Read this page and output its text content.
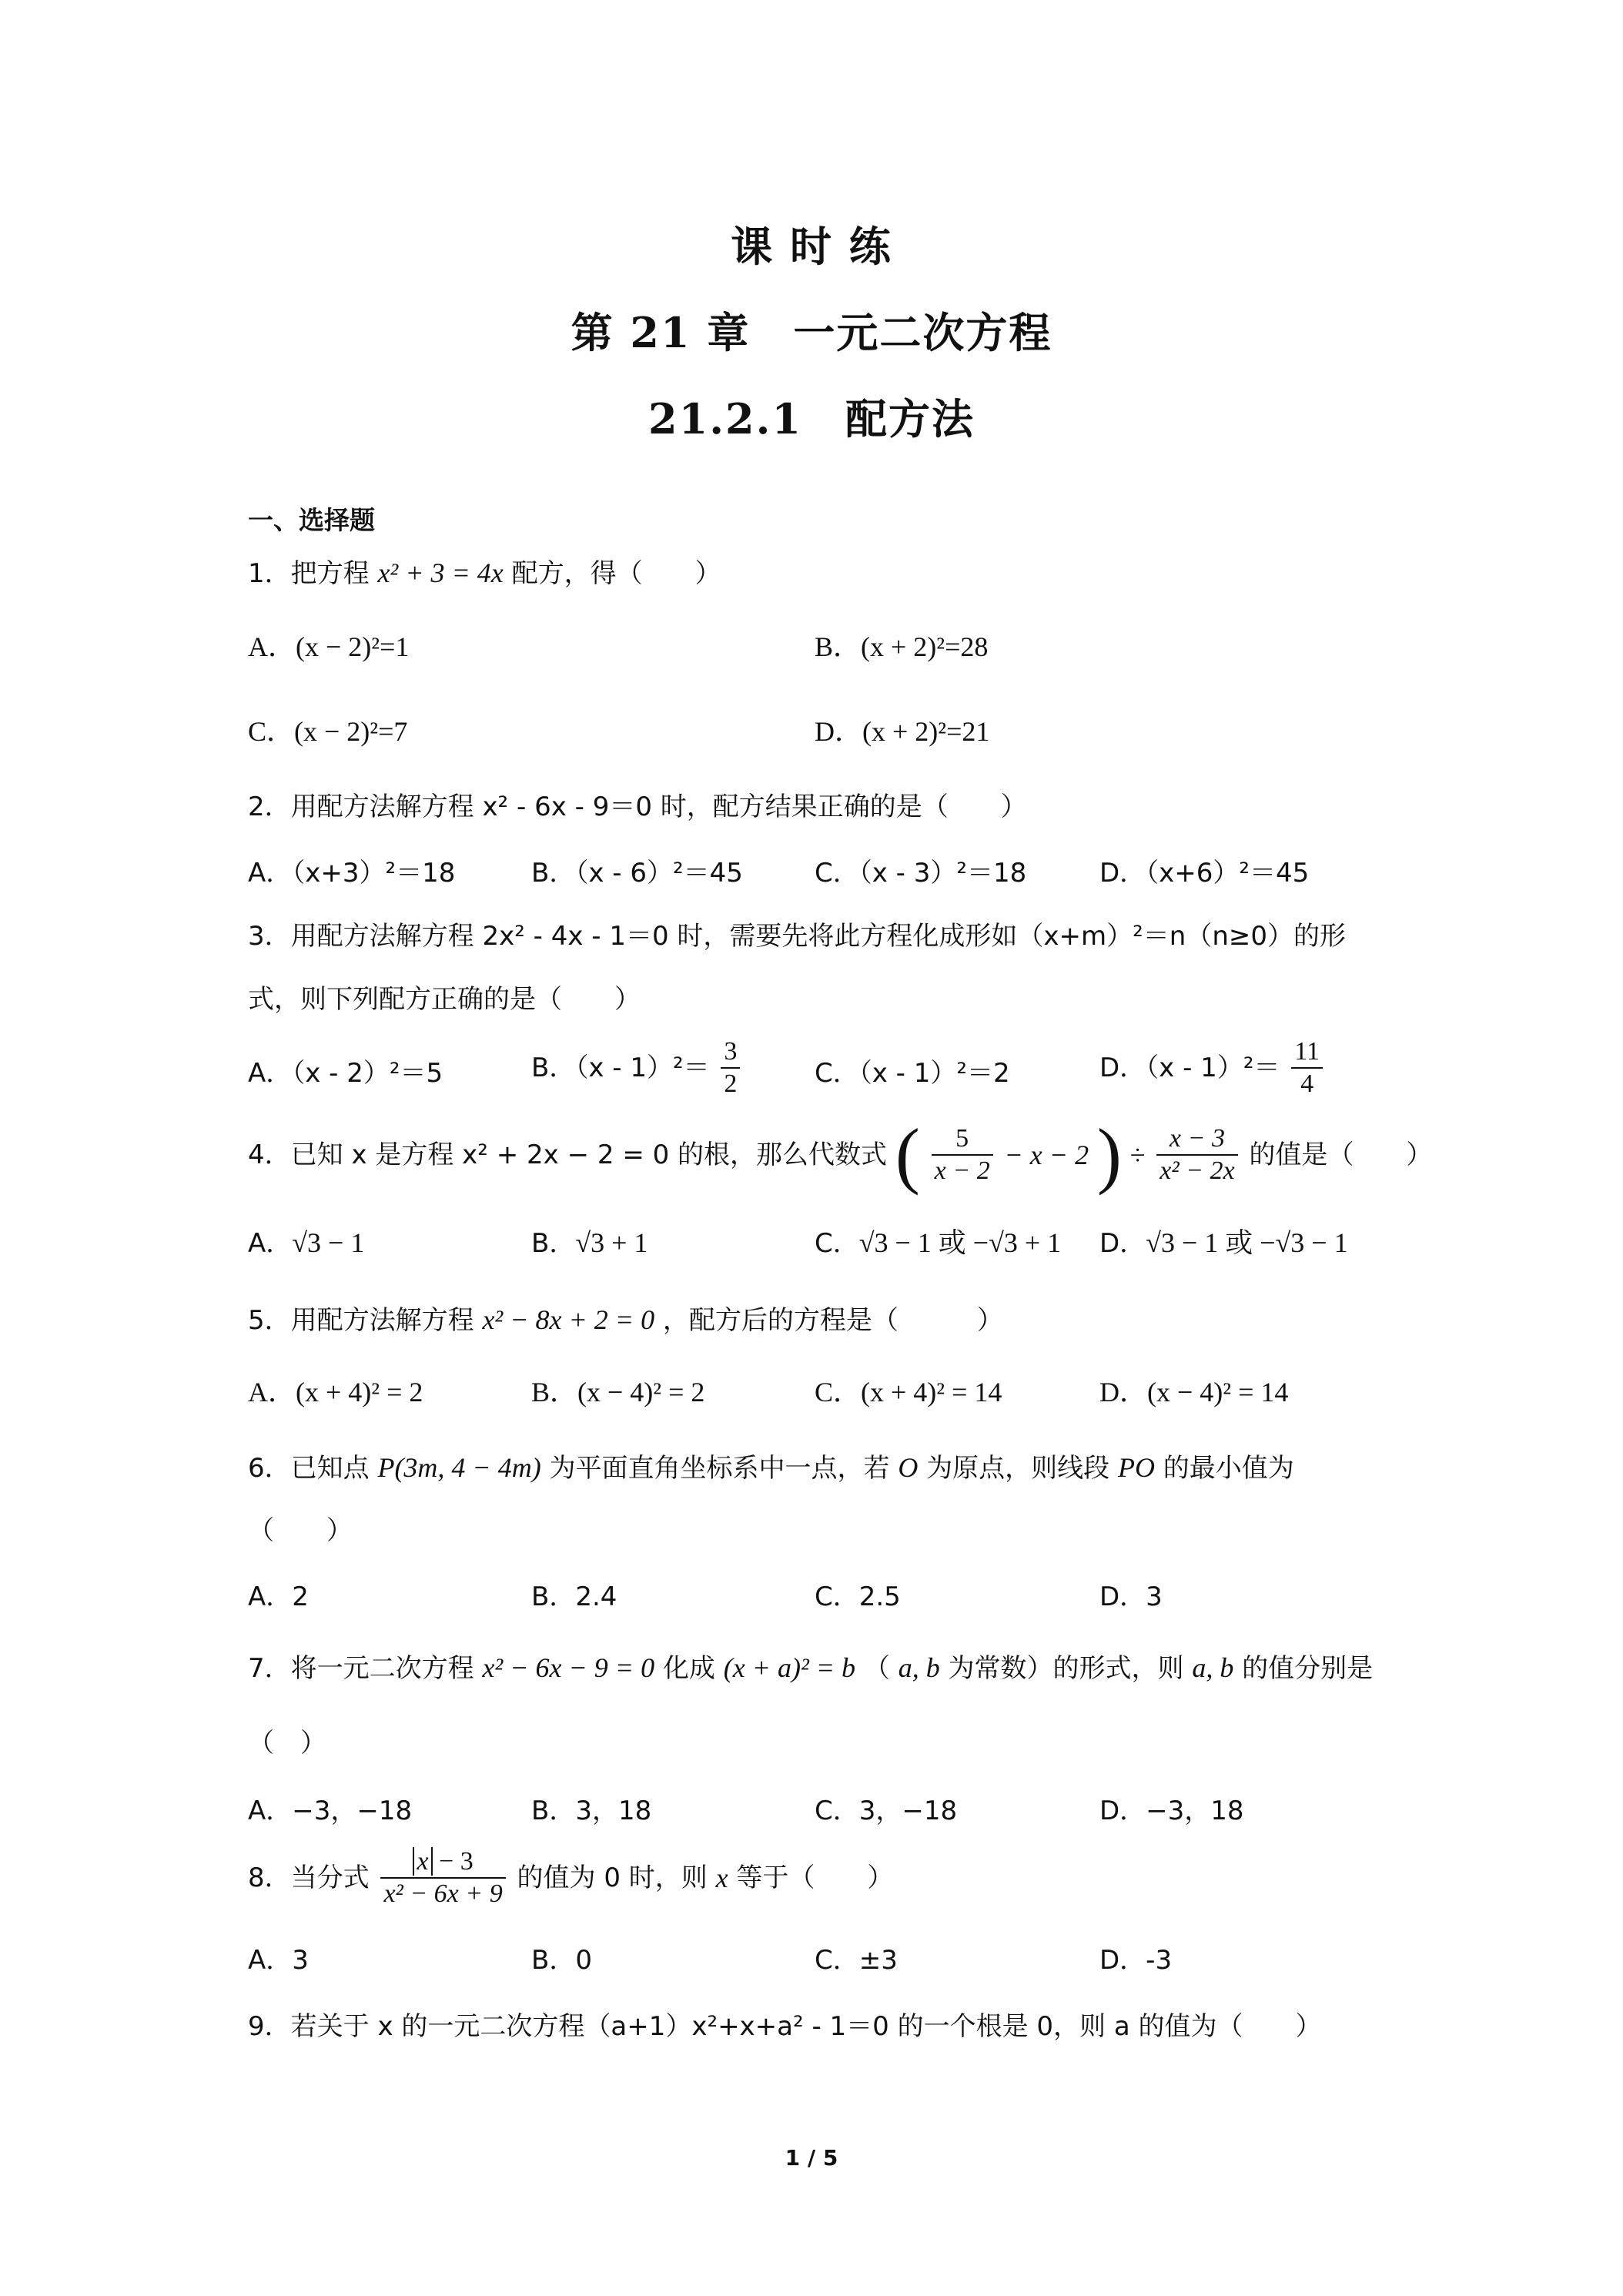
课 时 练
第 21 章　一元二次方程
21.2.1　配方法
一、选择题
1．把方程 x² + 3 = 4x 配方，得（　　）
A．(x − 2)²=1	B．(x + 2)²=28
C．(x − 2)²=7	D．(x + 2)²=21
2．用配方法解方程 x² - 6x - 9＝0 时，配方结果正确的是（　　）
A．（x+3）²＝18	B．（x - 6）²＝45	C．（x - 3）²＝18	D．（x+6）²＝45
3．用配方法解方程 2x² - 4x - 1＝0 时，需要先将此方程化成形如（x+m）²＝n（n≥0）的形
式，则下列配方正确的是（　　）
A．（x - 2）²＝5	B．$(x - 1)^2= \frac{3}{2}$	C．（x - 1）²＝2	D．$(x - 1)^2= \frac{11}{4}$
4．已知 x 是方程 x² + 2x − 2 = 0 的根，那么代数式 ( $\frac{5}{x - 2} - x - 2$ ) ÷ $\frac{x - 3}{\text{x² − 2x}}$ 的值是（　　）
A．√3 − 1	B．√3 + 1	C．√3 − 1 或 −√3 + 1 D．√3 − 1 或 −√3 − 1
5．用配方法解方程 x² − 8x + 2 = 0 ，配方后的方程是（　　　）
A．(x + 4)² = 2	B．(x − 4)² = 2	C．(x + 4)² = 14	D．(x − 4)² = 14
6．已知点 P(3m, 4 − 4m) 为平面直角坐标系中一点，若 O 为原点，则线段 PO 的最小值为
（　　）
A．2	B．2.4	C．2.5	D．3
7．将一元二次方程 x² − 6x − 9 = 0 化成 (x + a)² = b （ a, b 为常数）的形式，则 a, b 的值分别是
（　）
A．−3，−18	B．3，18	C．3，−18	D．−3，18
8．当分式 $\frac{x - 3}{\text{x² − 6x + 9}}$ 的值为 0 时，则 x 等于（　　）
A．3	B．0	C．±3	D．-3
9．若关于 x 的一元二次方程（a+1）x²+x+a² - 1＝0 的一个根是 0，则 a 的值为（　　）
1 / 5
